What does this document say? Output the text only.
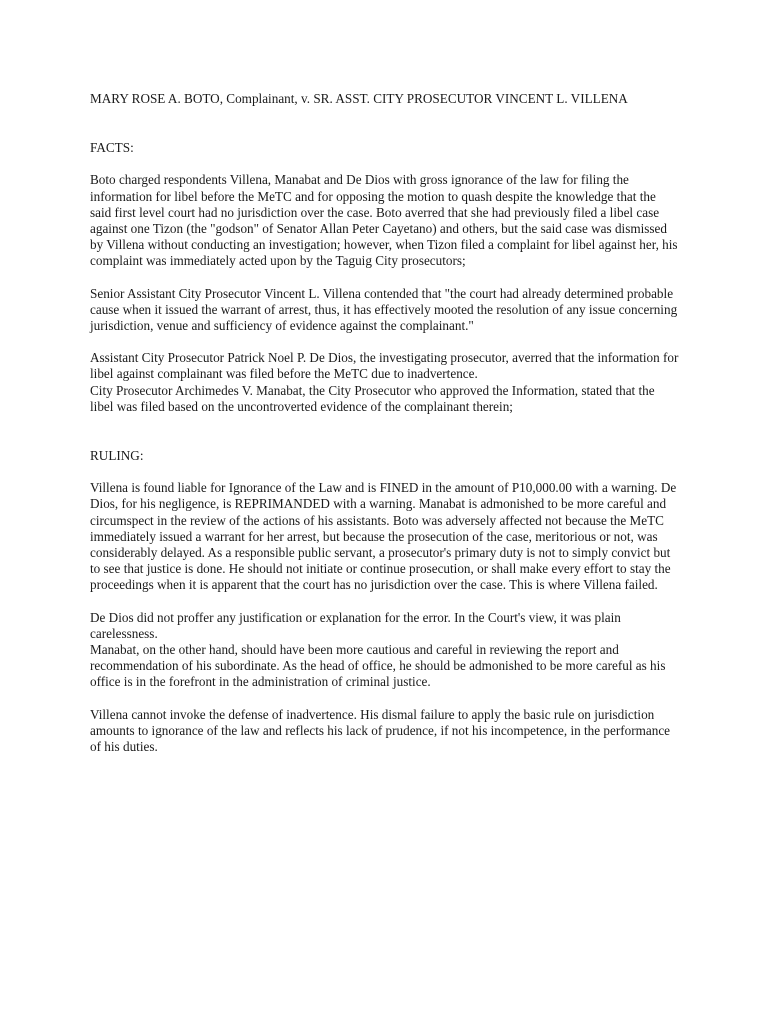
MARY ROSE A. BOTO, Complainant, v. SR. ASST. CITY PROSECUTOR VINCENT L. VILLENA

FACTS:

Boto charged respondents Villena, Manabat and De Dios with gross ignorance of the law for filing the information for libel before the MeTC and for opposing the motion to quash despite the knowledge that the said first level court had no jurisdiction over the case. Boto averred that she had previously filed a libel case against one Tizon (the "godson" of Senator Allan Peter Cayetano) and others, but the said case was dismissed by Villena without conducting an investigation; however, when Tizon filed a complaint for libel against her, his complaint was immediately acted upon by the Taguig City prosecutors;

Senior Assistant City Prosecutor Vincent L. Villena contended that "the court had already determined probable cause when it issued the warrant of arrest, thus, it has effectively mooted the resolution of any issue concerning jurisdiction, venue and sufficiency of evidence against the complainant."

Assistant City Prosecutor Patrick Noel P. De Dios, the investigating prosecutor, averred that the information for libel against complainant was filed before the MeTC due to inadvertence.

City Prosecutor Archimedes V. Manabat, the City Prosecutor who approved the Information, stated that the libel was filed based on the uncontroverted evidence of the complainant therein;

RULING:

Villena is found liable for Ignorance of the Law and is FINED in the amount of P10,000.00 with a warning. De Dios, for his negligence, is REPRIMANDED with a warning. Manabat is admonished to be more careful and circumspect in the review of the actions of his assistants. Boto was adversely affected not because the MeTC immediately issued a warrant for her arrest, but because the prosecution of the case, meritorious or not, was considerably delayed. As a responsible public servant, a prosecutor's primary duty is not to simply convict but to see that justice is done. He should not initiate or continue prosecution, or shall make every effort to stay the proceedings when it is apparent that the court has no jurisdiction over the case. This is where Villena failed.

De Dios did not proffer any justification or explanation for the error. In the Court's view, it was plain carelessness.

Manabat, on the other hand, should have been more cautious and careful in reviewing the report and recommendation of his subordinate. As the head of office, he should be admonished to be more careful as his office is in the forefront in the administration of criminal justice.

Villena cannot invoke the defense of inadvertence. His dismal failure to apply the basic rule on jurisdiction amounts to ignorance of the law and reflects his lack of prudence, if not his incompetence, in the performance of his duties.
